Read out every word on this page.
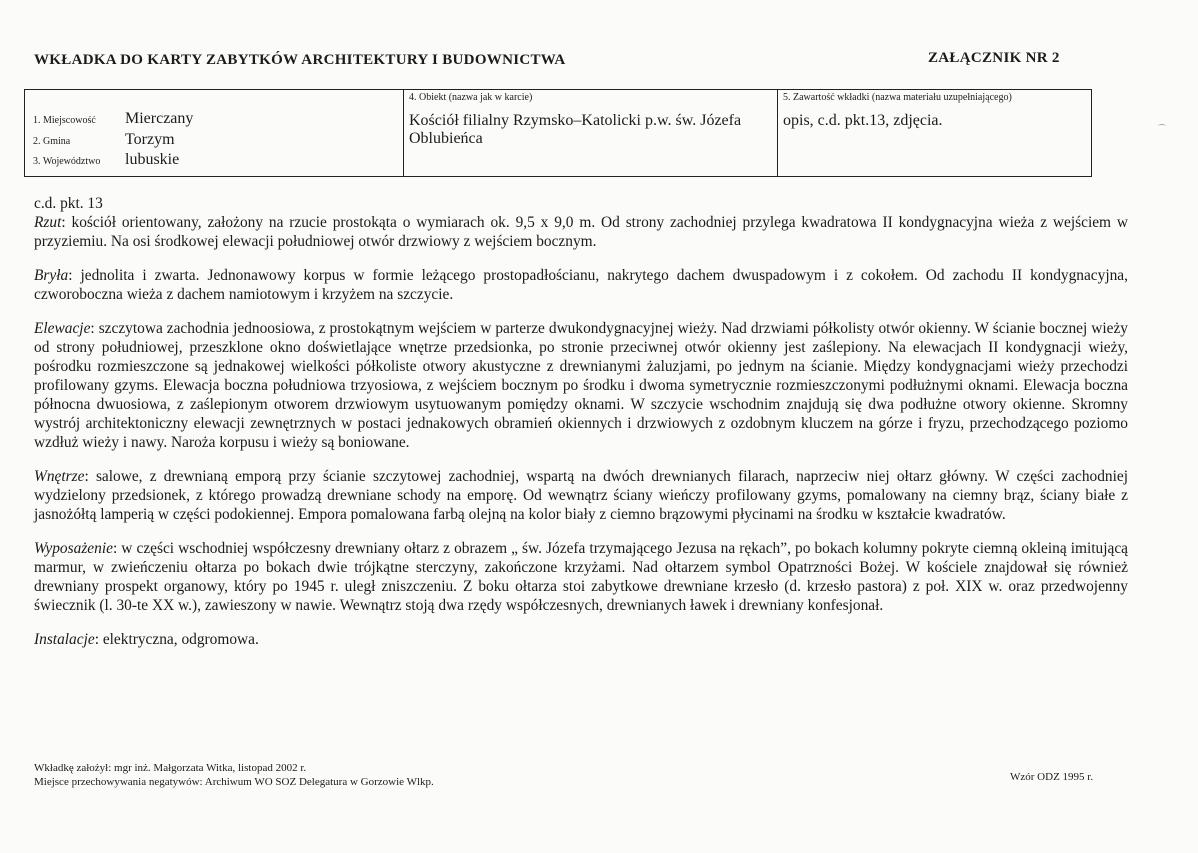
WKŁADKA DO KARTY ZABYTKÓW ARCHITEKTURY I BUDOWNICTWA	ZAŁĄCZNIK NR 2
1. Miejscowość Mierczany
2. Gmina	Torzym
3. Województwo lubuskie
4. Obiekt (nazwa jak w karcie)
Kościół filialny Rzymsko–Katolicki p.w. św. Józefa Oblubieńca
5. Zawartość wkładki (nazwa materiału uzupełniającego)
opis, c.d. pkt.13, zdjęcia.

c.d. pkt. 13

Rzut: kościół orientowany, założony na rzucie prostokąta o wymiarach ok. 9,5 x 9,0 m. Od strony zachodniej przylega kwadratowa II kondygnacyjna wieża z wejściem w przyziemiu. Na osi środkowej elewacji południowej otwór drzwiowy z wejściem bocznym.

Bryła: jednolita i zwarta. Jednonawowy korpus w formie leżącego prostopadłościanu, nakrytego dachem dwuspadowym i z cokołem. Od zachodu II kondygnacyjna, czworoboczna wieża z dachem namiotowym i krzyżem na szczycie.

Elewacje: szczytowa zachodnia jednoosiowa, z prostokątnym wejściem w parterze dwukondygnacyjnej wieży. Nad drzwiami półkolisty otwór okienny. W ścianie bocznej wieży od strony południowej, przeszklone okno doświetlające wnętrze przedsionka, po stronie przeciwnej otwór okienny jest zaślepiony. Na elewacjach II kondygnacji wieży, pośrodku rozmieszczone są jednakowej wielkości półkoliste otwory akustyczne z drewnianymi żaluzjami, po jednym na ścianie. Między kondygnacjami wieży przechodzi profilowany gzyms. Elewacja boczna południowa trzyosiowa, z wejściem bocznym po środku i dwoma symetrycznie rozmieszczonymi podłużnymi oknami. Elewacja boczna północna dwuosiowa, z zaślepionym otworem drzwiowym usytuowanym pomiędzy oknami. W szczycie wschodnim znajdują się dwa podłużne otwory okienne. Skromny wystrój architektoniczny elewacji zewnętrznych w postaci jednakowych obramień okiennych i drzwiowych z ozdobnym kluczem na górze i fryzu, przechodzącego poziomo wzdłuż wieży i nawy. Naroża korpusu i wieży są boniowane.

Wnętrze: salowe, z drewnianą emporą przy ścianie szczytowej zachodniej, wspartą na dwóch drewnianych filarach, naprzeciw niej ołtarz główny. W części zachodniej wydzielony przedsionek, z którego prowadzą drewniane schody na emporę. Od wewnątrz ściany wieńczy profilowany gzyms, pomalowany na ciemny brąz, ściany białe z jasnożółtą lamperią w części podokiennej. Empora pomalowana farbą olejną na kolor biały z ciemno brązowymi płycinami na środku w kształcie kwadratów.

Wyposażenie: w części wschodniej współczesny drewniany ołtarz z obrazem „ św. Józefa trzymającego Jezusa na rękach”, po bokach kolumny pokryte ciemną okleiną imitującą marmur, w zwieńczeniu ołtarza po bokach dwie trójkątne sterczyny, zakończone krzyżami. Nad ołtarzem symbol Opatrzności Bożej. W kościele znajdował się również drewniany prospekt organowy, który po 1945 r. uległ zniszczeniu. Z boku ołtarza stoi zabytkowe drewniane krzesło (d. krzesło pastora) z poł. XIX w. oraz przedwojenny świecznik (l. 30-te XX w.), zawieszony w nawie. Wewnątrz stoją dwa rzędy współczesnych, drewnianych ławek i drewniany konfesjonał.

Instalacje: elektryczna, odgromowa.

Wkładkę założył: mgr inż. Małgorzata Witka, listopad 2002 r.
Miejsce przechowywania negatywów: Archiwum WO SOZ Delegatura w Gorzowie Wlkp.	Wzór ODZ 1995 r.
